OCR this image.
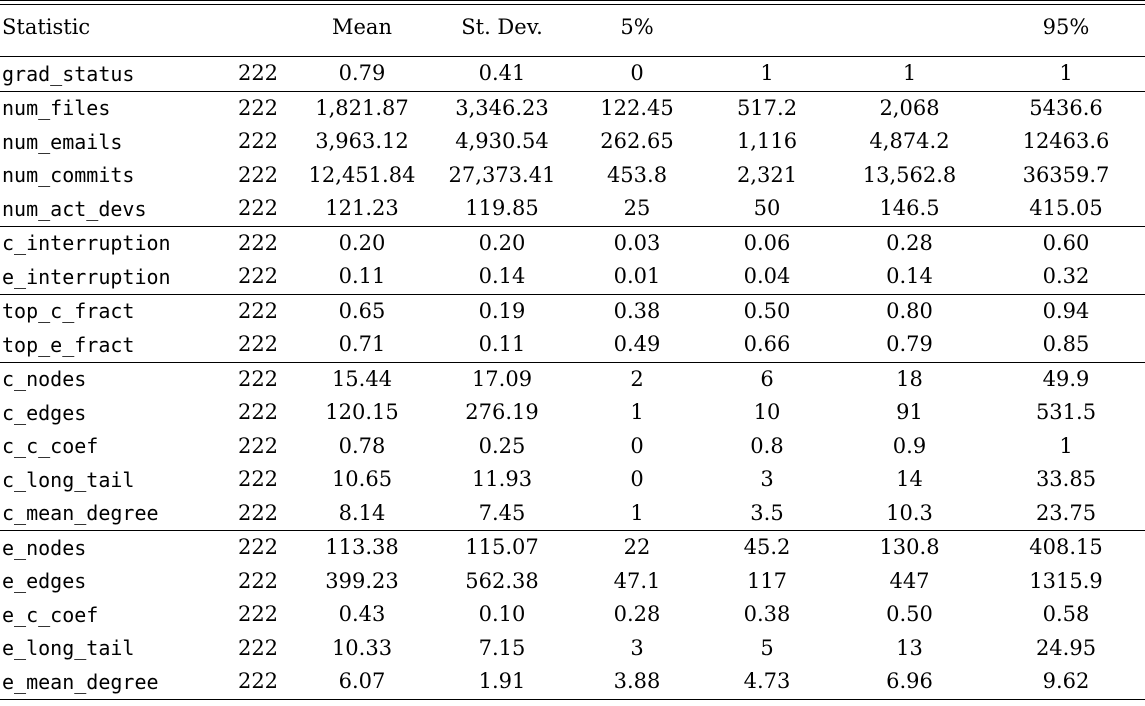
Statistic		Mean	St. Dev.	5%			95%
grad_status	222	0.79	0.41	0	1	1	1
num_files	222	1,821.87	3,346.23	122.45	517.2	2,068	5436.6
num_emails	222	3,963.12	4,930.54	262.65	1,116	4,874.2	12463.6
num_commits	222	12,451.84	27,373.41	453.8	2,321	13,562.8	36359.7
num_act_devs	222	121.23	119.85	25	50	146.5	415.05
c_interruption	222	0.20	0.20	0.03	0.06	0.28	0.60
e_interruption	222	0.11	0.14	0.01	0.04	0.14	0.32
top_c_fract	222	0.65	0.19	0.38	0.50	0.80	0.94
top_e_fract	222	0.71	0.11	0.49	0.66	0.79	0.85
c_nodes	222	15.44	17.09	2	6	18	49.9
c_edges	222	120.15	276.19	1	10	91	531.5
c_c_coef	222	0.78	0.25	0	0.8	0.9	1
c_long_tail	222	10.65	11.93	0	3	14	33.85
c_mean_degree	222	8.14	7.45	1	3.5	10.3	23.75
e_nodes	222	113.38	115.07	22	45.2	130.8	408.15
e_edges	222	399.23	562.38	47.1	117	447	1315.9
e_c_coef	222	0.43	0.10	0.28	0.38	0.50	0.58
e_long_tail	222	10.33	7.15	3	5	13	24.95
e_mean_degree	222	6.07	1.91	3.88	4.73	6.96	9.62
